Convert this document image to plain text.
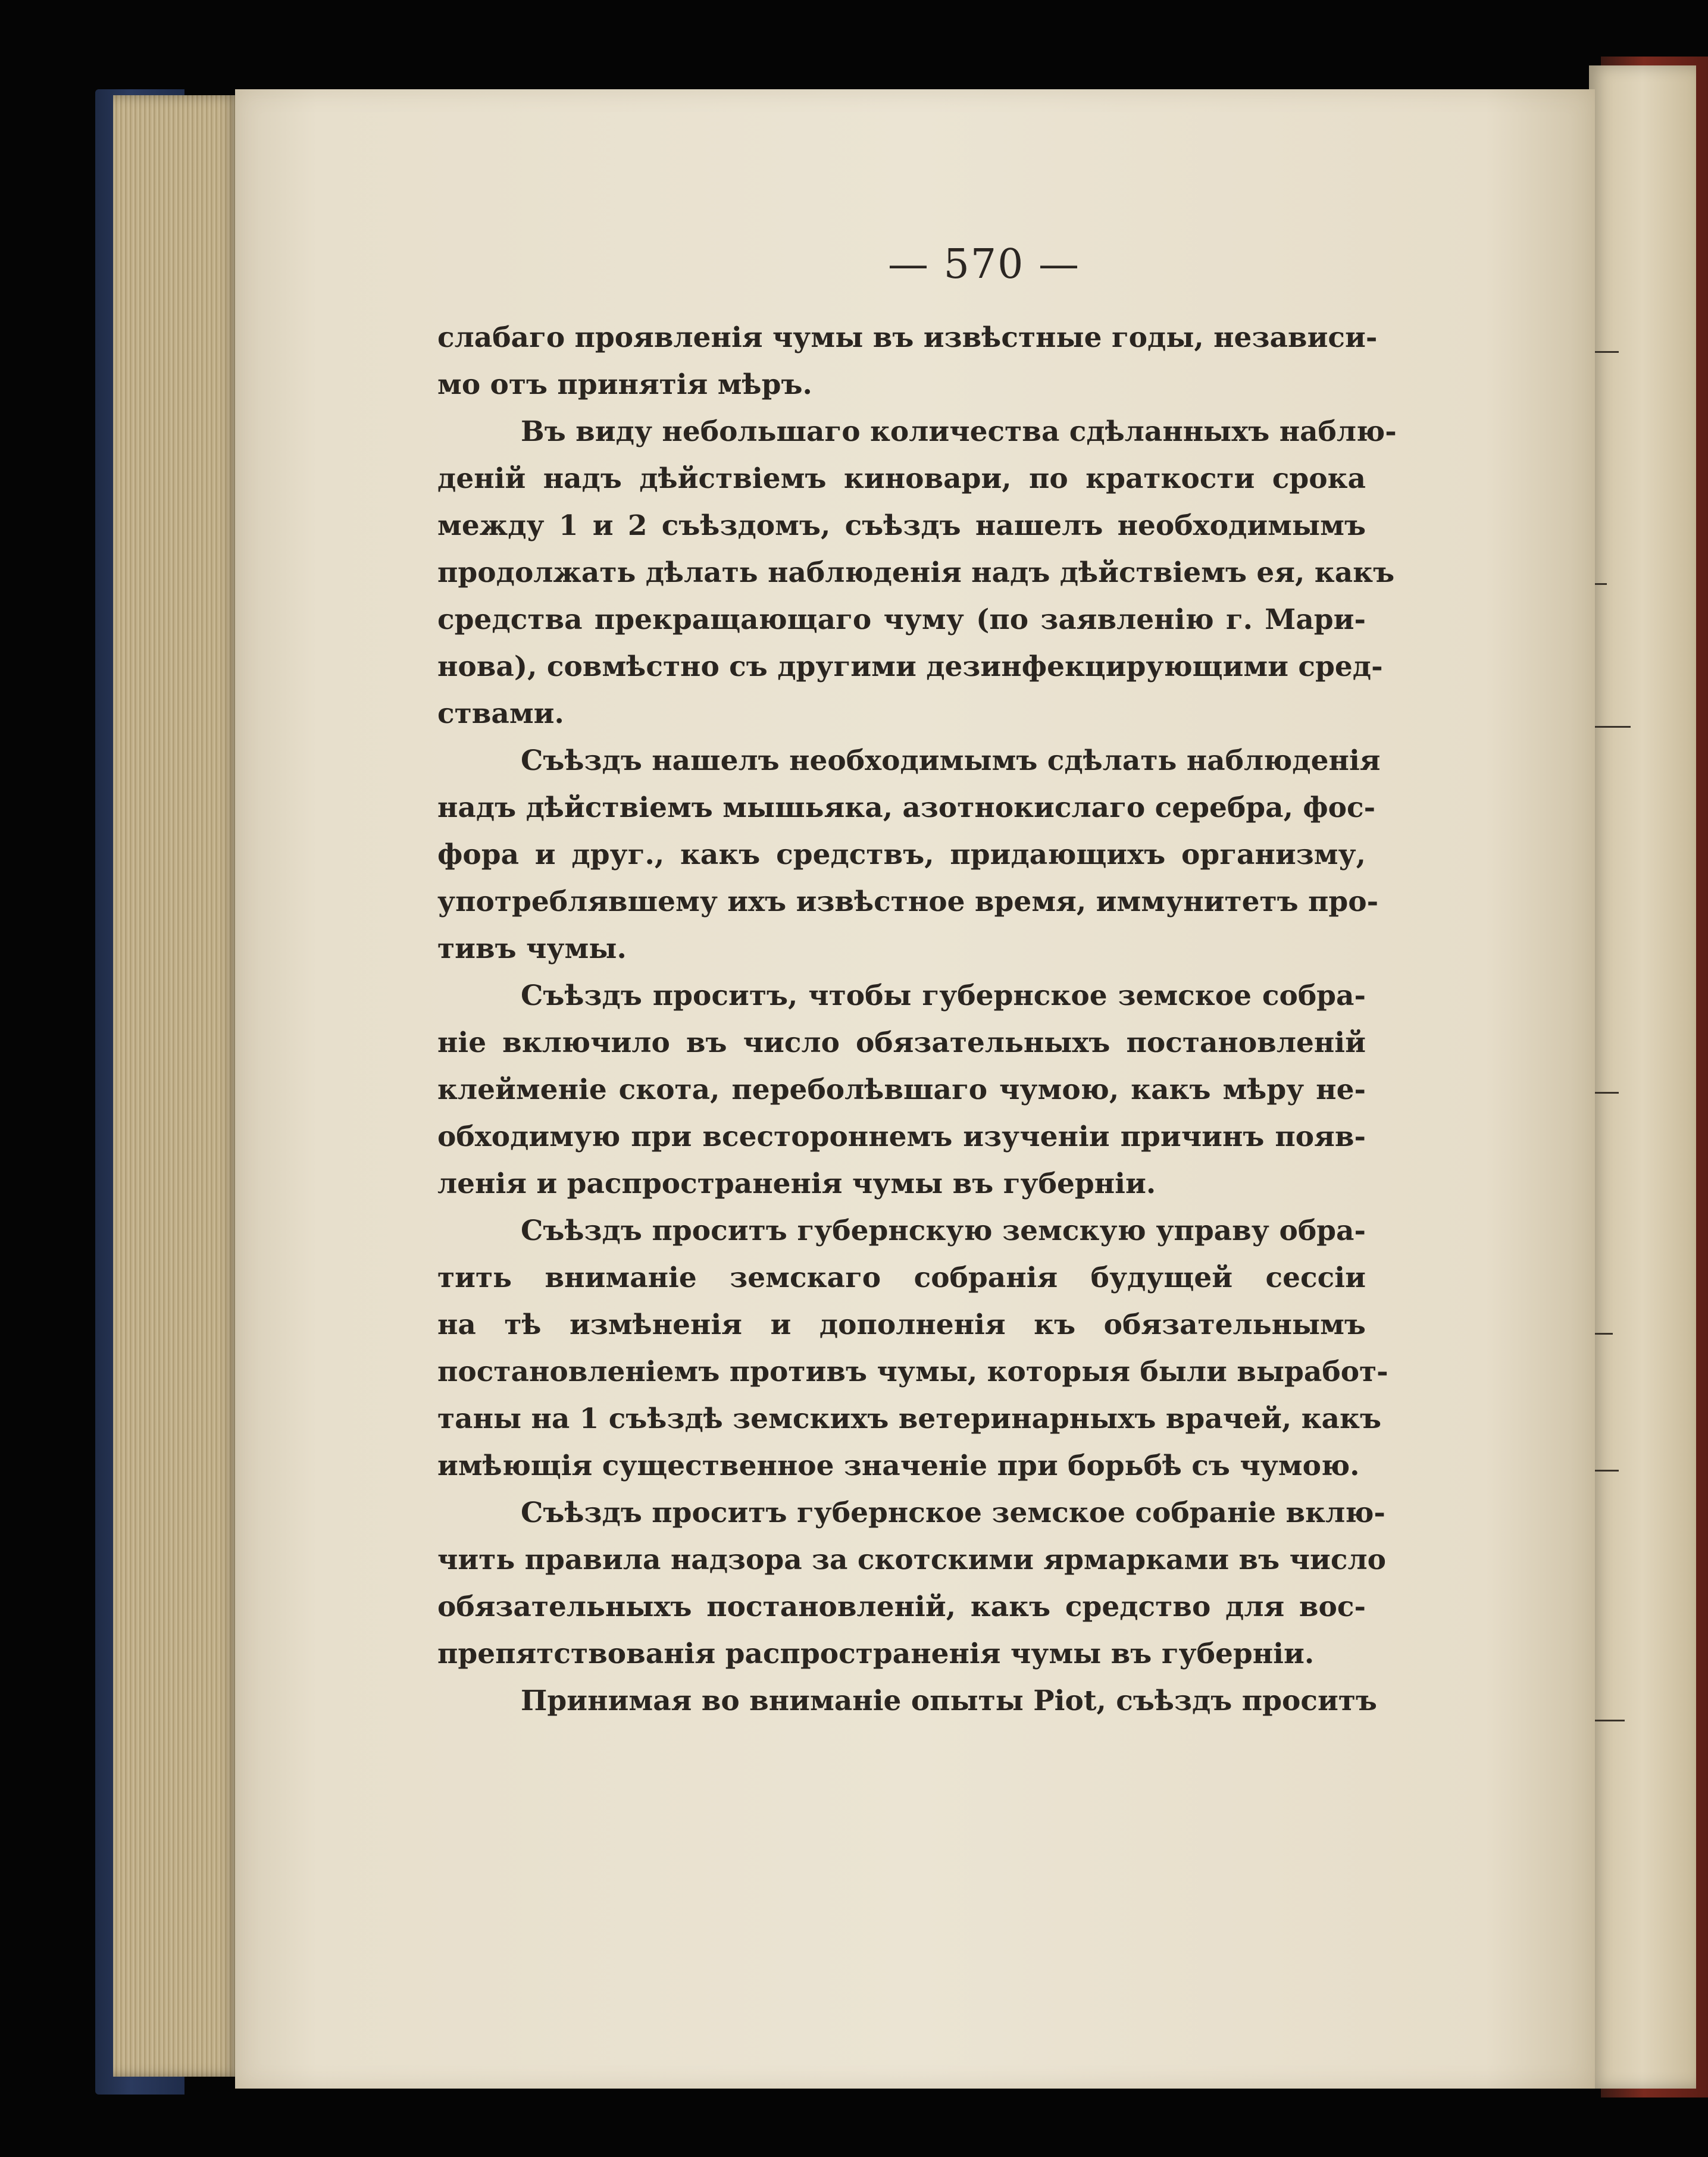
— 570 —
слабаго проявленія чумы въ извѣстные годы, независи-
мо отъ принятія мѣръ.
Въ виду небольшаго количества сдѣланныхъ наблю-
деній надъ дѣйствіемъ киновари, по краткости срока
между 1 и 2 съѣздомъ, съѣздъ нашелъ необходимымъ
продолжать дѣлать наблюденія надъ дѣйствіемъ ея, какъ
средства прекращающаго чуму (по заявленію г. Мари-
нова), совмѣстно съ другими дезинфекцирующими сред-
ствами.
Съѣздъ нашелъ необходимымъ сдѣлать наблюденія
надъ дѣйствіемъ мышьяка, азотнокислаго серебра, фос-
фора и друг., какъ средствъ, придающихъ организму,
употреблявшему ихъ извѣстное время, иммунитетъ про-
тивъ чумы.
Съѣздъ проситъ, чтобы губернское земское собра-
ніе включило въ число обязательныхъ постановленій
клейменіе скота, переболѣвшаго чумою, какъ мѣру не-
обходимую при всестороннемъ изученіи причинъ появ-
ленія и распространенія чумы въ губерніи.
Съѣздъ проситъ губернскую земскую управу обра-
тить вниманіе земскаго собранія будущей сессіи
на тѣ измѣненія и дополненія къ обязательнымъ
постановленіемъ противъ чумы, которыя были выработ-
таны на 1 съѣздѣ земскихъ ветеринарныхъ врачей, какъ
имѣющія существенное значеніе при борьбѣ съ чумою.
Съѣздъ проситъ губернское земское собраніе вклю-
чить правила надзора за скотскими ярмарками въ число
обязательныхъ постановленій, какъ средство для вос-
препятствованія распространенія чумы въ губерніи.
Принимая во вниманіе опыты Piot, съѣздъ проситъ
